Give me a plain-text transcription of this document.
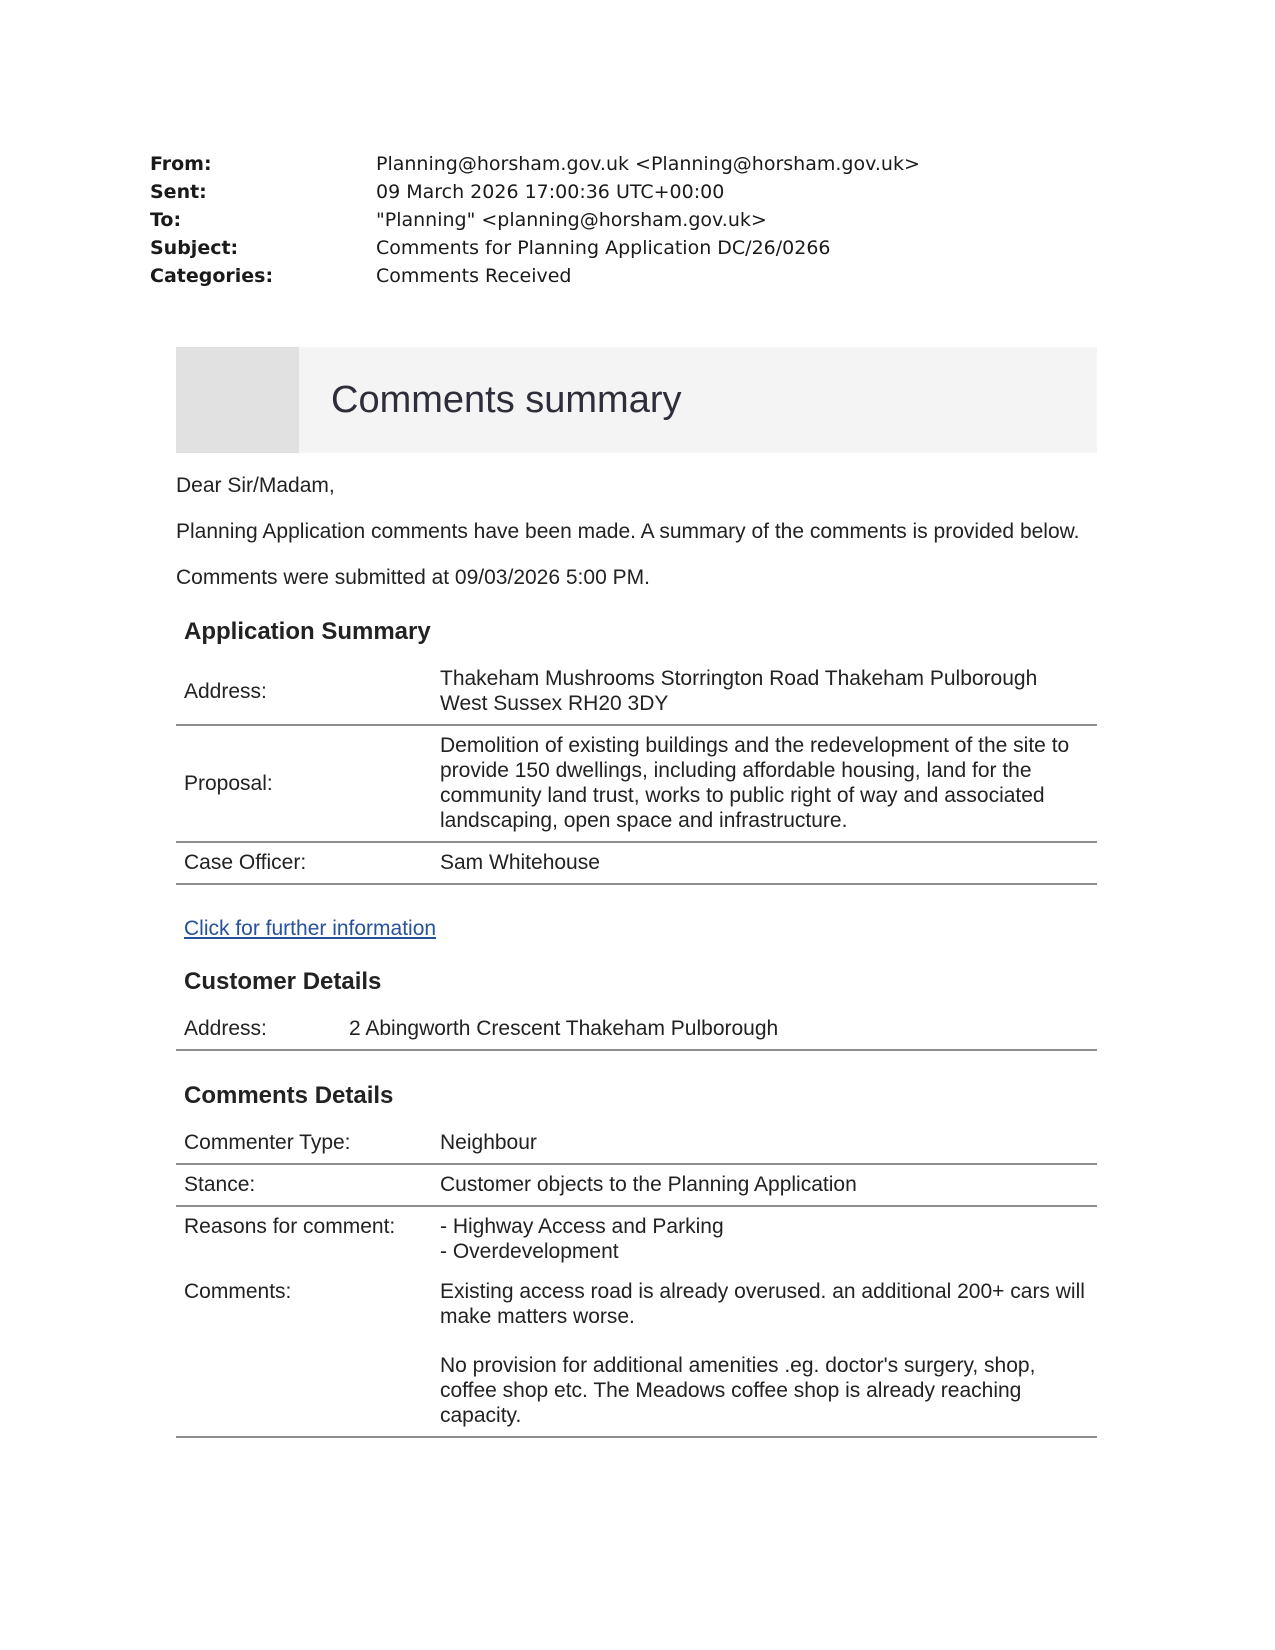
From:	Planning@horsham.gov.uk <Planning@horsham.gov.uk>
Sent:	09 March 2026 17:00:36 UTC+00:00
To:	"Planning" <planning@horsham.gov.uk>
Subject:	Comments for Planning Application DC/26/0266
Categories:	Comments Received
Comments summary

Dear Sir/Madam,

Planning Application comments have been made. A summary of the comments is provided below.

Comments were submitted at 09/03/2026 5:00 PM.

Application Summary
Address:
Thakeham Mushrooms Storrington Road Thakeham Pulborough
West Sussex RH20 3DY
Proposal:
Demolition of existing buildings and the redevelopment of the site to provide 150 dwellings, including affordable housing, land for the community land trust, works to public right of way and associated landscaping, open space and infrastructure.
Case Officer:	Sam Whitehouse
Click for further information
Customer Details
Address:	2 Abingworth Crescent Thakeham Pulborough
Comments Details
Commenter Type:	Neighbour
Stance:	Customer objects to the Planning Application
Reasons for comment:	- Highway Access and Parking
- Overdevelopment
Comments:	Existing access road is already overused. an additional 200+ cars will make matters worse.
No provision for additional amenities .eg. doctor's surgery, shop, coffee shop etc. The Meadows coffee shop is already reaching capacity.
